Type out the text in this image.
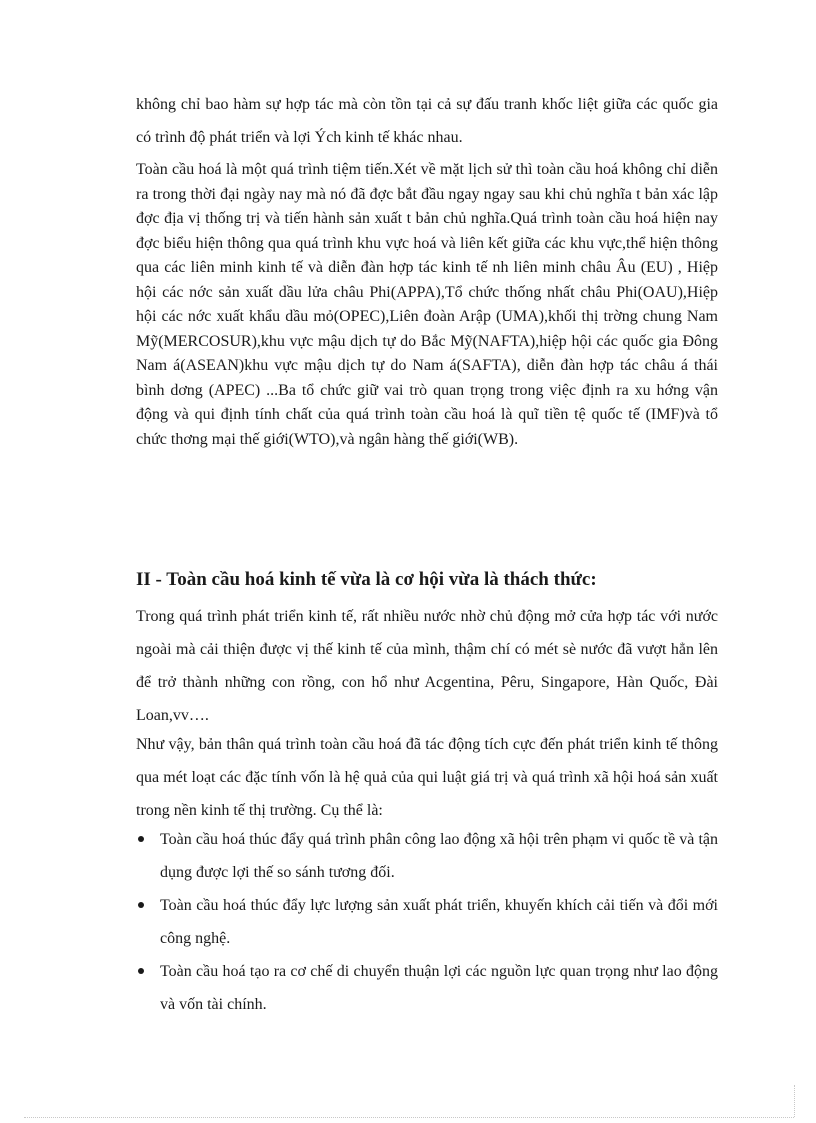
không chỉ bao hàm sự hợp tác mà còn tồn tại cả sự đấu tranh khốc liệt giữa các quốc gia có trình độ phát triển và lợi Ých kinh tế khác nhau.

Toàn cầu hoá là một quá trình tiệm tiến.Xét về mặt lịch sử thì toàn cầu hoá không chỉ diễn ra trong thời đại ngày nay mà nó đã đợc bắt đầu ngay ngay sau khi chủ nghĩa t bản xác lập đợc địa vị thống trị và tiến hành sản xuất t bản chủ nghĩa.Quá trình toàn cầu hoá hiện nay đợc biểu hiện thông qua quá trình khu vực hoá và liên kết giữa các khu vực,thể hiện thông qua các liên minh kinh tế và diễn đàn hợp tác kinh tế nh liên minh châu Âu (EU) , Hiệp hội các nớc sản xuất dầu lửa châu Phi(APPA),Tổ chức thống nhất châu Phi(OAU),Hiệp hội các nớc xuất khẩu dầu mỏ(OPEC),Liên đoàn Arập (UMA),khối thị trờng chung Nam Mỹ(MERCOSUR),khu vực mậu dịch tự do Bắc Mỹ(NAFTA),hiệp hội các quốc gia Đông Nam á(ASEAN)khu vực mậu dịch tự do Nam á(SAFTA), diễn đàn hợp tác châu á thái bình dơng (APEC) ...Ba tổ chức giữ vai trò quan trọng trong việc định ra xu hớng vận động và qui định tính chất của quá trình toàn cầu hoá là quĩ tiền tệ quốc tế (IMF)và tổ chức thơng mại thế giới(WTO),và ngân hàng thế giới(WB).

II - Toàn cầu hoá kinh tế vừa là cơ hội vừa là thách thức:

Trong quá trình phát triển kinh tế, rất nhiều nước nhờ chủ động mở cửa hợp tác với nước ngoài mà cải thiện được vị thế kinh tế của mình, thậm chí có mét sè nước đã vượt hẳn lên để trở thành những con rồng, con hổ như Acgentina, Pêru, Singapore, Hàn Quốc, Đài Loan,vv….

Như vậy, bản thân quá trình toàn cầu hoá đã tác động tích cực đến phát triển kinh tế thông qua mét loạt các đặc tính vốn là hệ quả của qui luật giá trị và quá trình xã hội hoá sản xuất trong nền kinh tế thị trường. Cụ thể là:

Toàn cầu hoá thúc đẩy quá trình phân công lao động xã hội trên phạm vi quốc tề và tận dụng được lợi thế so sánh tương đối.
Toàn cầu hoá thúc đẩy lực lượng sản xuất phát triển, khuyến khích cải tiến và đổi mới công nghệ.
Toàn cầu hoá tạo ra cơ chế di chuyển thuận lợi các nguồn lực quan trọng như lao động và vốn tài chính.
